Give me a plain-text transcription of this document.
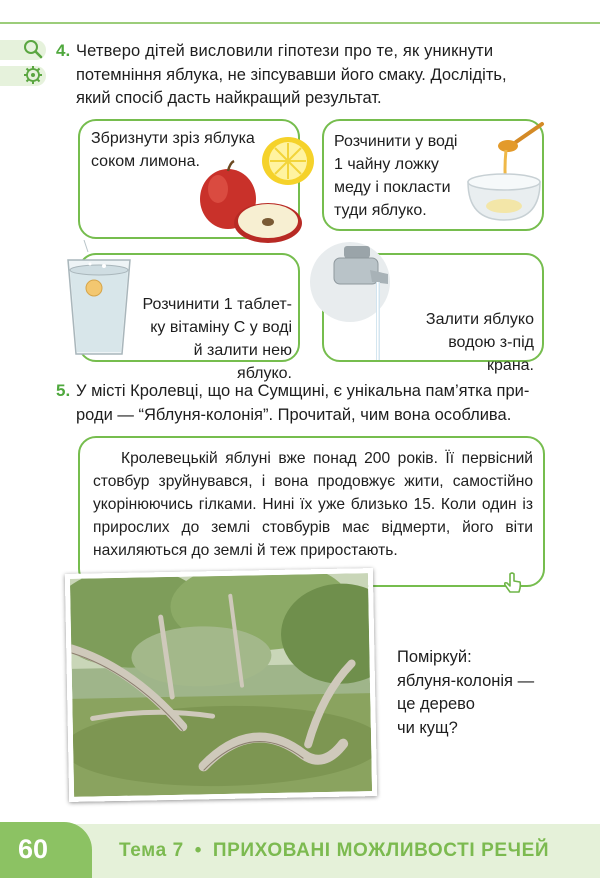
4. Четверо дітей висловили гіпотези про те, як уникнути
потемніння яблука, не зіпсувавши його смаку. Дослідіть,
який спосіб дасть найкращий результат.
Збризнути зріз яблука
соком лимона.
Розчинити у воді
1 чайну ложку
меду і покласти
туди яблуко.
Розчинити 1 таблет-
ку вітаміну С у воді
й залити нею яблуко.
Залити яблуко
водою з-під крана.
5. У місті Кролевці, що на Сумщині, є унікальна пам’ятка при-
роди — “Яблуня-колонія”. Прочитай, чим вона особлива.
Кролевецькій яблуні вже понад 200 років. Її первісний стовбур зруйнувався, і вона продовжує жити, самостійно укорінюючись гілками. Нині їх уже близько 15. Коли один із прирослих до землі стовбурів має відмерти, його віти нахиляються до землі й теж приростають.
Поміркуй:
яблуня-колонія —
це дерево
чи кущ?
60	Тема 7 • ПРИХОВАНІ МОЖЛИВОСТІ РЕЧЕЙ
